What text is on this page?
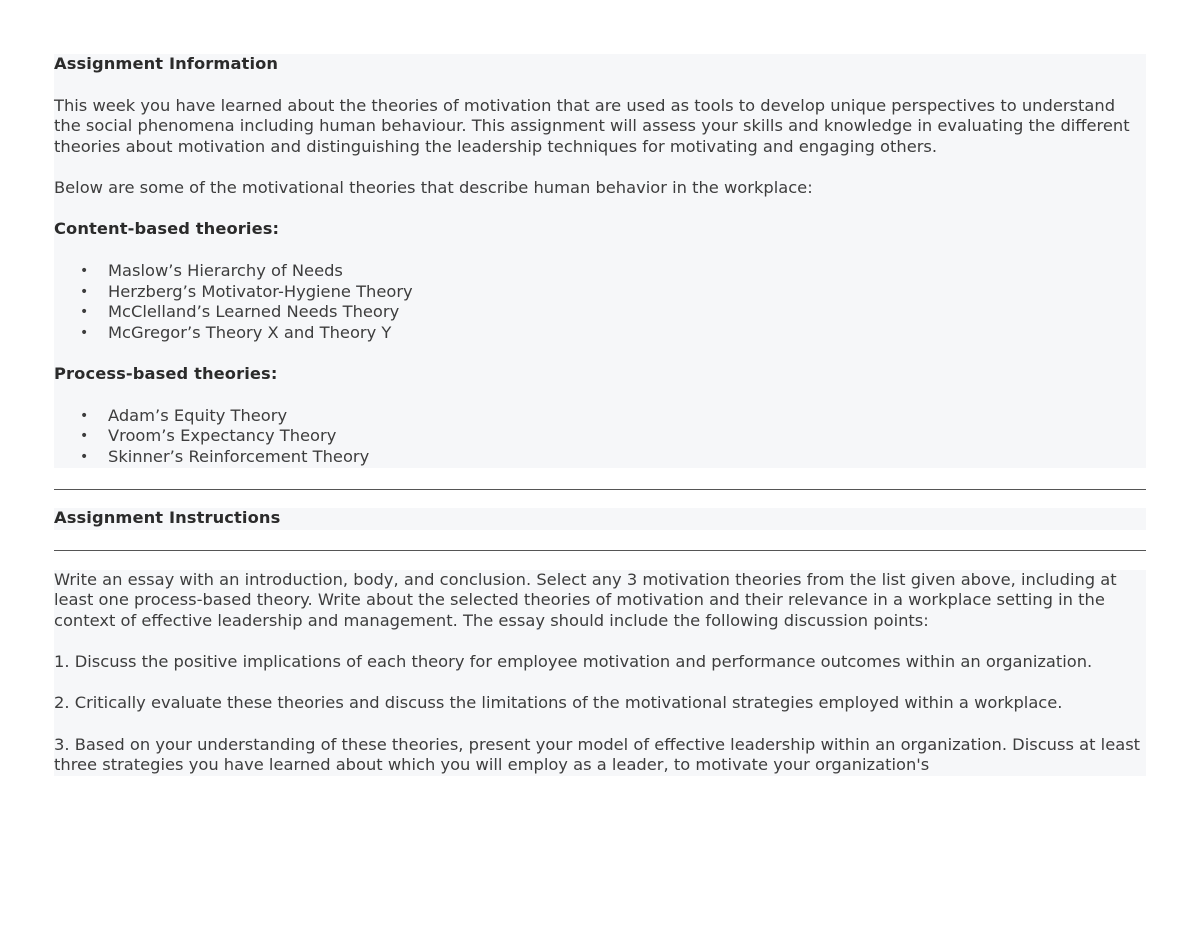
Assignment Information

This week you have learned about the theories of motivation that are used as tools to develop unique perspectives to understand the social phenomena including human behaviour. This assignment will assess your skills and knowledge in evaluating the different theories about motivation and distinguishing the leadership techniques for motivating and engaging others.

Below are some of the motivational theories that describe human behavior in the workplace:

Content-based theories:
• Maslow’s Hierarchy of Needs
• Herzberg’s Motivator-Hygiene Theory
• McClelland’s Learned Needs Theory
• McGregor’s Theory X and Theory Y
Process-based theories:
• Adam’s Equity Theory
• Vroom’s Expectancy Theory
• Skinner’s Reinforcement Theory
Assignment Instructions

Write an essay with an introduction, body, and conclusion. Select any 3 motivation theories from the list given above, including at least one process-based theory. Write about the selected theories of motivation and their relevance in a workplace setting in the context of effective leadership and management. The essay should include the following discussion points:

1. Discuss the positive implications of each theory for employee motivation and performance outcomes within an organization.

2. Critically evaluate these theories and discuss the limitations of the motivational strategies employed within a workplace.

3. Based on your understanding of these theories, present your model of effective leadership within an organization. Discuss at least three strategies you have learned about which you will employ as a leader, to motivate your organization's
